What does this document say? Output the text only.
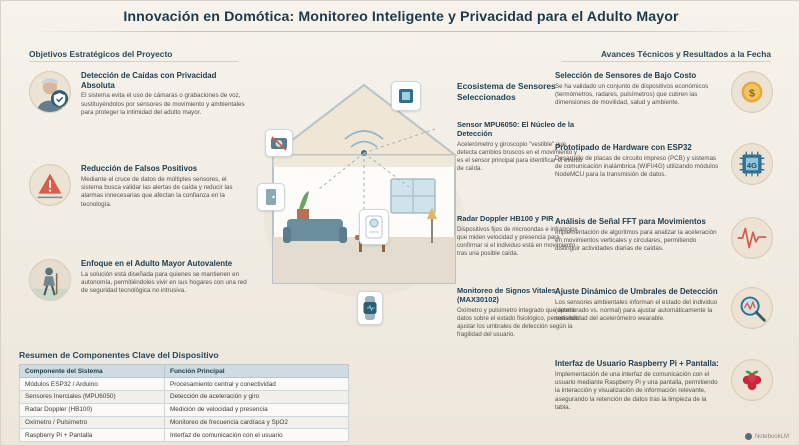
Innovación en Domótica: Monitoreo Inteligente y Privacidad para el Adulto Mayor
Objetivos Estratégicos del Proyecto	Avances Técnicos y Resultados a la Fecha
Detección de Caídas con Privacidad Absoluta
El sistema evita el uso de cámaras o grabaciones de voz, sustituyéndolos por sensores de movimiento y ambientales para proteger la intimidad del adulto mayor.
Reducción de Falsos Positivos
Mediante el cruce de datos de múltiples sensores, el sistema busca validar las alertas de caída y reducir las alarmas innecesarias que afectan la confianza en la tecnología.
Enfoque en el Adulto Mayor Autovalente
La solución está diseñada para quienes se mantienen en autonomía, permitiéndoles vivir en sus hogares con una red de seguridad tecnológica no intrusiva.
$
Selección de Sensores de Bajo Costo
Se ha validado un conjunto de dispositivos económicos (termómetros, radares, pulsímetros) que cubren las dimensiones de movilidad, salud y ambiente.
4G
Prototipado de Hardware con ESP32
Desarrollo de placas de circuito impreso (PCB) y sistemas de comunicación inalámbrica (WIFI/4G) utilizando módulos NodeMCU para la transmisión de datos.
Análisis de Señal FFT para Movimientos
Implementación de algoritmos para analizar la aceleración en movimientos verticales y circulares, permitiendo distinguir actividades diarias de caídas.
Ajuste Dinámico de Umbrales de Detección
Los sensores ambientales informan el estado del individuo (deteriorado vs. normal) para ajustar automáticamente la sensibilidad del acelerómetro wearable.
Interfaz de Usuario Raspberry Pi + Pantalla:
Implementación de una interfaz de comunicación con el usuario mediante Raspberry Pi y una pantalla, permitiendo la interacción y visualización de información relevante, asegurando la retención de datos tras la limpieza de la tabla.
Ecosistema de Sensores Seleccionados
Sensor MPU6050: El Núcleo de la Detección
Acelerómetro y giroscopio "vestible" que detecta cambios bruscos en el movimiento y es el sensor principal para identificar el evento de caída.
Radar Doppler HB100 y PIR
Dispositivos fijos de microondas e infrarrojos que miden velocidad y presencia para confirmar si el individuo está en movimiento tras una posible caída.
Monitoreo de Signos Vitales (MAX30102)
Oxímetro y pulsímetro integrado que aporta datos sobre el estado fisiológico, permitiendo ajustar los umbrales de detección según la fragilidad del usuario.
Resumen de Componentes Clave del Dispositivo
Componente del Sistema	Función Principal
Módulos ESP32 / Arduino	Procesamiento central y conectividad
Sensores Inerciales (MPU6050)	Detección de aceleración y giro
Radar Doppler (HB100)	Medición de velocidad y presencia
Oxímetro / Pulsímetro	Monitoreo de frecuencia cardíaca y SpO2
Raspberry Pi + Pantalla	Interfaz de comunicación con el usuario	NotebookLM
